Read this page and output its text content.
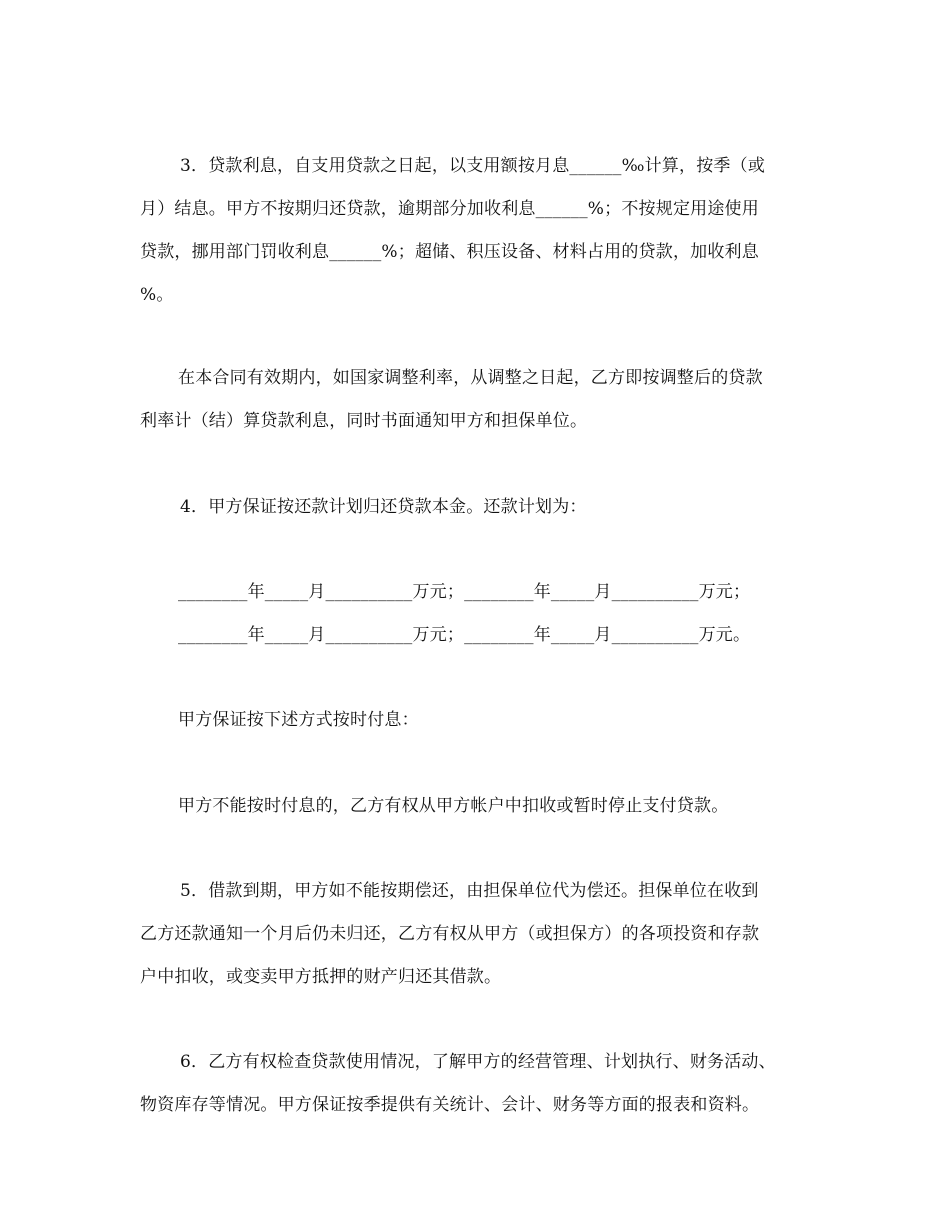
3．贷款利息，自支用贷款之日起，以支用额按月息______‰计算，按季（或
月）结息。甲方不按期归还贷款，逾期部分加收利息______%；不按规定用途使用
贷款，挪用部门罚收利息______%；超储、积压设备、材料占用的贷款，加收利息
%。
在本合同有效期内，如国家调整利率，从调整之日起，乙方即按调整后的贷款
利率计（结）算贷款利息，同时书面通知甲方和担保单位。
4．甲方保证按还款计划归还贷款本金。还款计划为：
________年_____月__________万元；________年_____月__________万元；
________年_____月__________万元；________年_____月__________万元。
甲方保证按下述方式按时付息：
甲方不能按时付息的，乙方有权从甲方帐户中扣收或暂时停止支付贷款。
5．借款到期，甲方如不能按期偿还，由担保单位代为偿还。担保单位在收到
乙方还款通知一个月后仍未归还，乙方有权从甲方（或担保方）的各项投资和存款
户中扣收，或变卖甲方抵押的财产归还其借款。
6．乙方有权检查贷款使用情况，了解甲方的经营管理、计划执行、财务活动、
物资库存等情况。甲方保证按季提供有关统计、会计、财务等方面的报表和资料。
